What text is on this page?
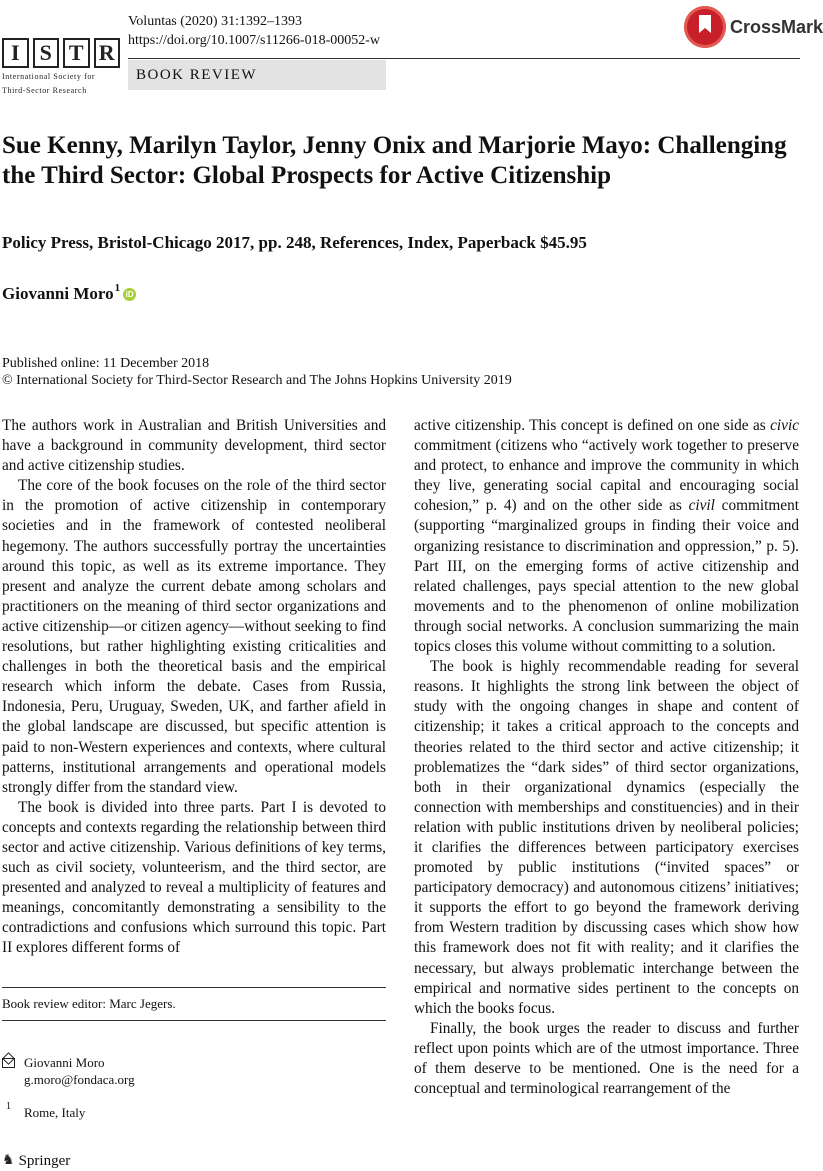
I S T R
International Society for
Third-Sector Research
Voluntas (2020) 31:1392–1393
https://doi.org/10.1007/s11266-018-00052-w
BOOK REVIEW
CrossMark
Sue Kenny, Marilyn Taylor, Jenny Onix and Marjorie Mayo: Challenging the Third Sector: Global Prospects for Active Citizenship
Policy Press, Bristol-Chicago 2017, pp. 248, References, Index, Paperback $45.95
Giovanni Moro$^1$
iD
Published online: 11 December 2018
© International Society for Third-Sector Research and The Johns Hopkins University 2019

The authors work in Australian and British Universities and have a background in community development, third sector and active citizenship studies.

The core of the book focuses on the role of the third sector in the promotion of active citizenship in contemporary societies and in the framework of contested neoliberal hegemony. The authors successfully portray the uncertainties around this topic, as well as its extreme importance. They present and analyze the current debate among scholars and practitioners on the meaning of third sector organizations and active citizenship—or citizen agency—without seeking to find resolutions, but rather highlighting existing criticalities and challenges in both the theoretical basis and the empirical research which inform the debate. Cases from Russia, Indonesia, Peru, Uruguay, Sweden, UK, and farther afield in the global landscape are discussed, but specific attention is paid to non-Western experiences and contexts, where cultural patterns, institutional arrangements and operational models strongly differ from the standard view.

The book is divided into three parts. Part I is devoted to concepts and contexts regarding the relationship between third sector and active citizenship. Various definitions of key terms, such as civil society, volunteerism, and the third sector, are presented and analyzed to reveal a multiplicity of features and meanings, concomitantly demonstrating a sensibility to the contradictions and confusions which surround this topic. Part II explores different forms of

active citizenship. This concept is defined on one side as civic commitment (citizens who “actively work together to preserve and protect, to enhance and improve the community in which they live, generating social capital and encouraging social cohesion,” p. 4) and on the other side as civil commitment (supporting “marginalized groups in finding their voice and organizing resistance to discrimination and oppression,” p. 5). Part III, on the emerging forms of active citizenship and related challenges, pays special attention to the new global movements and to the phenomenon of online mobilization through social networks. A conclusion summarizing the main topics closes this volume without committing to a solution.

The book is highly recommendable reading for several reasons. It highlights the strong link between the object of study with the ongoing changes in shape and content of citizenship; it takes a critical approach to the concepts and theories related to the third sector and active citizenship; it problematizes the “dark sides” of third sector organizations, both in their organizational dynamics (especially the connection with memberships and constituencies) and in their relation with public institutions driven by neoliberal policies; it clarifies the differences between participatory exercises promoted by public institutions (“invited spaces” or participatory democracy) and autonomous citizens’ initiatives; it supports the effort to go beyond the framework deriving from Western tradition by discussing cases which show how this framework does not fit with reality; and it clarifies the necessary, but always problematic interchange between the empirical and normative sides pertinent to the concepts on which the books focus.

Finally, the book urges the reader to discuss and further reflect upon points which are of the utmost importance. Three of them deserve to be mentioned. One is the need for a conceptual and terminological rearrangement of the

Book review editor: Marc Jegers.
Giovanni Moro
g.moro@fondaca.org
1 Rome, Italy
♞ Springer
